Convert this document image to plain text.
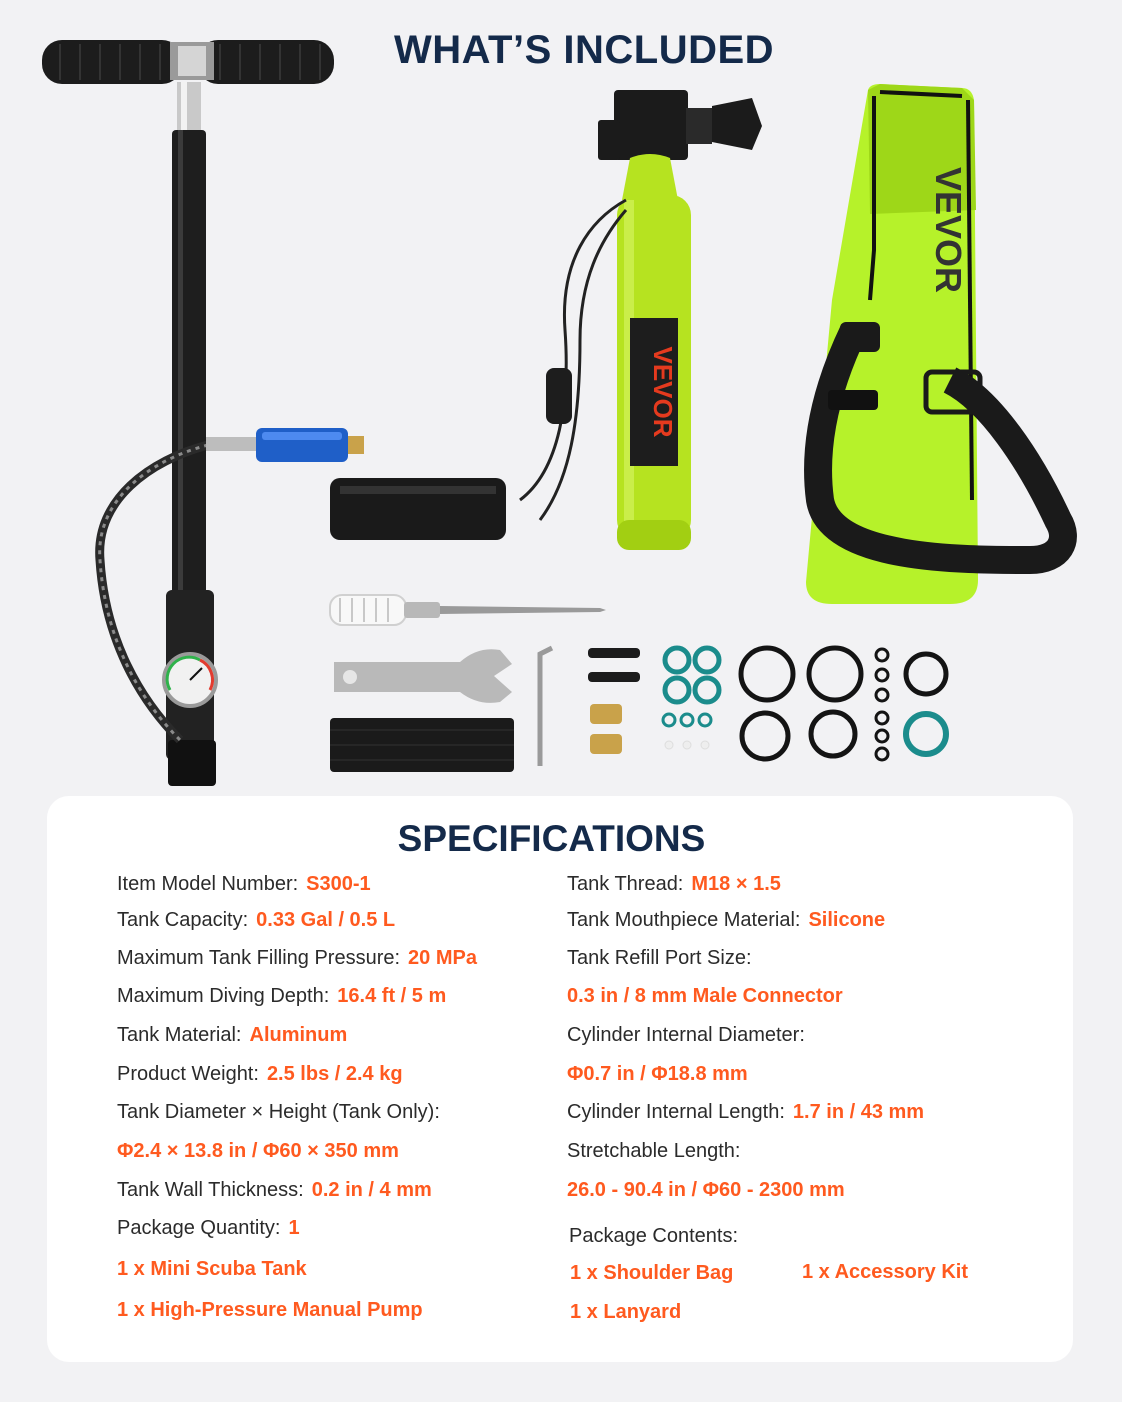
WHAT’S INCLUDED
VEVOR
VEVOR
SPECIFICATIONS
Item Model Number: S300-1
Tank Capacity: 0.33 Gal / 0.5 L
Maximum Tank Filling Pressure: 20 MPa
Maximum Diving Depth: 16.4 ft / 5 m
Tank Material: Aluminum
Product Weight: 2.5 lbs / 2.4 kg
Tank Diameter × Height (Tank Only):
Φ2.4 × 13.8 in / Φ60 × 350 mm
Tank Wall Thickness: 0.2 in / 4 mm
Package Quantity: 1
1 x Mini Scuba Tank
1 x High-Pressure Manual Pump
Tank Thread: M18 × 1.5
Tank Mouthpiece Material: Silicone
Tank Refill Port Size:
0.3 in / 8 mm Male Connector
Cylinder Internal Diameter:
Φ0.7 in / Φ18.8 mm
Cylinder Internal Length: 1.7 in / 43 mm
Stretchable Length:
26.0 - 90.4 in / Φ60 - 2300 mm
Package Contents:
1 x Shoulder Bag	1 x Accessory Kit
1 x Lanyard
